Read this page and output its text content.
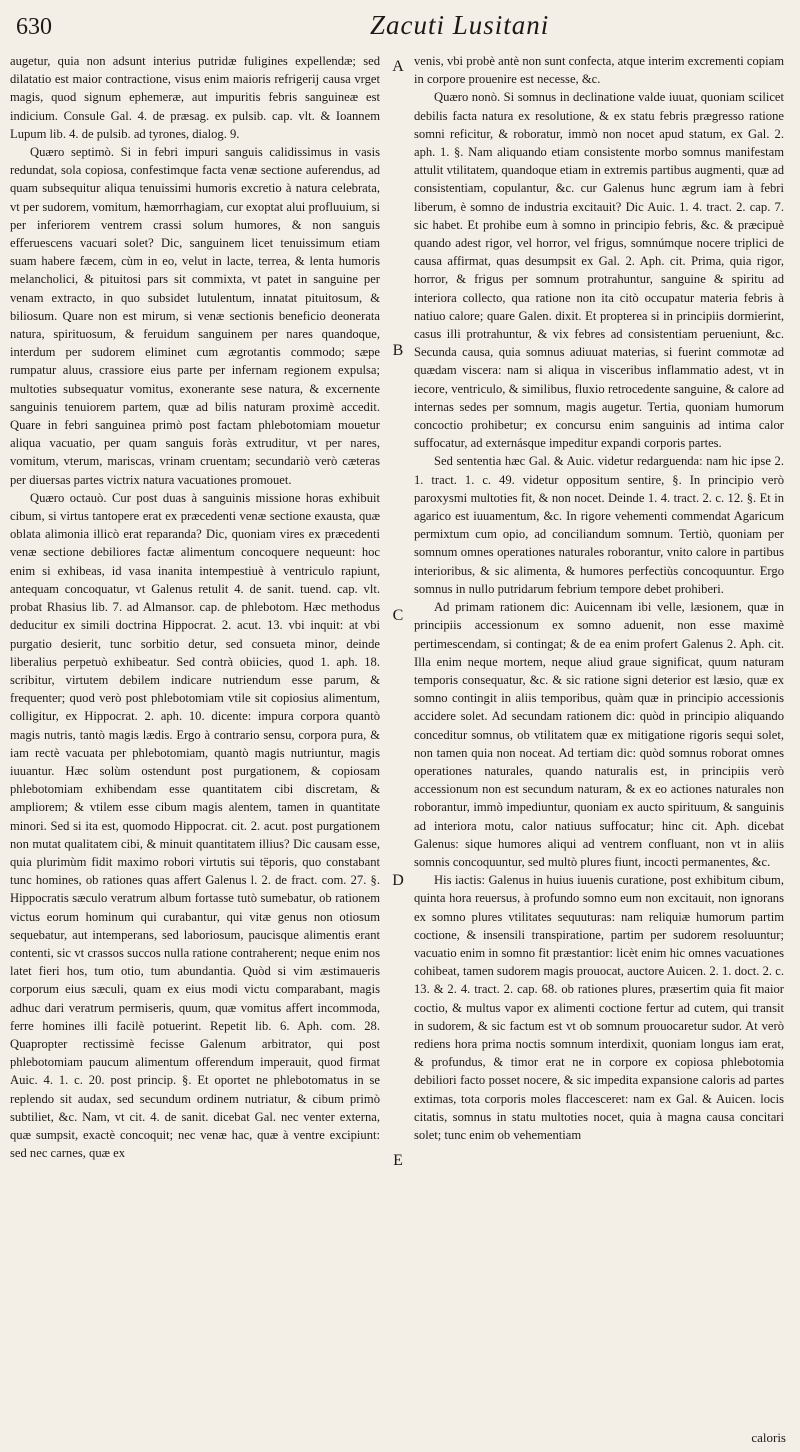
630	Zacuti Lusitani

augetur, quia non adsunt interius putridæ fuligines expellendæ; sed dilatatio est maior contractione, visus enim maioris refrigerij causa vrget magis, quod signum ephemeræ, aut impuritis febris sanguineæ est indicium. Consule Gal. 4. de præsag. ex pulsib. cap. vlt. & Ioannem Lupum lib. 4. de pulsib. ad tyrones, dialog. 9.

Quæro septimò. Si in febri impuri sanguis calidissimus in vasis redundat, sola copiosa, confestimque facta venæ sectione auferendus, ad quam subsequitur aliqua tenuissimi humoris excretio à natura celebrata, vt per sudorem, vomitum, hæmorrhagiam, cur exoptat alui profluuium, si per inferiorem ventrem crassi solum humores, & non sanguis efferuescens vacuari solet? Dic, sanguinem licet tenuissimum etiam suam habere fæcem, cùm in eo, velut in lacte, terrea, & lenta humoris melancholici, & pituitosi pars sit commixta, vt patet in sanguine per venam extracto, in quo subsidet lutulentum, innatat pituitosum, & biliosum. Quare non est mirum, si venæ sectionis beneficio deonerata natura, spirituosum, & feruidum sanguinem per nares quandoque, interdum per sudorem eliminet cum ægrotantis commodo; sæpe rumpatur aluus, crassiore eius parte per infernam regionem expulsa; multoties subsequatur vomitus, exonerante sese natura, & excernente sanguinis tenuiorem partem, quæ ad bilis naturam proximè accedit. Quare in febri sanguinea primò post factam phlebotomiam mouetur aliqua vacuatio, per quam sanguis foràs extruditur, vt per nares, vomitum, vterum, mariscas, vrinam cruentam; secundariò verò cæteras per diuersas partes victrix natura vacuationes promouet.

Quæro octauò. Cur post duas à sanguinis missione horas exhibuit cibum, si virtus tantopere erat ex præcedenti venæ sectione exausta, quæ oblata alimonia illicò erat reparanda? Dic, quoniam vires ex præcedenti venæ sectione debiliores factæ alimentum concoquere nequeunt: hoc enim si exhibeas, id vasa inanita intempestiuè à ventriculo rapiunt, antequam concoquatur, vt Galenus retulit 4. de sanit. tuend. cap. vlt. probat Rhasius lib. 7. ad Almansor. cap. de phlebotom. Hæc methodus deducitur ex simili doctrina Hippocrat. 2. acut. 13. vbi inquit: at vbi purgatio desierit, tunc sorbitio detur, sed consueta minor, deinde liberalius perpetuò exhibeatur. Sed contrà obiicies, quod 1. aph. 18. scribitur, virtutem debilem indicare nutriendum esse parum, & frequenter; quod verò post phlebotomiam vtile sit copiosius alimentum, colligitur, ex Hippocrat. 2. aph. 10. dicente: impura corpora quantò magis nutris, tantò magis lædis. Ergo à contrario sensu, corpora pura, & iam rectè vacuata per phlebotomiam, quantò magis nutriuntur, magis iuuantur. Hæc solùm ostendunt post purgationem, & copiosam phlebotomiam exhibendam esse quantitatem cibi discretam, & ampliorem; & vtilem esse cibum magis alentem, tamen in quantitate minori. Sed si ita est, quomodo Hippocrat. cit. 2. acut. post purgationem non mutat qualitatem cibi, & minuit quantitatem illius? Dic causam esse, quia plurimùm fidit maximo robori virtutis sui tëporis, quo constabant tunc homines, ob rationes quas affert Galenus l. 2. de fract. com. 27. §. Hippocratis sæculo veratrum album fortasse tutò sumebatur, ob rationem victus eorum hominum qui curabantur, qui vitæ genus non otiosum sequebatur, aut intemperans, sed laboriosum, paucisque alimentis erant contenti, sic vt crassos succos nulla ratione contraherent; neque enim nos latet fieri hos, tum otio, tum abundantia. Quòd si vim æstimaueris corporum eius sæculi, quam ex eius modi victu comparabant, magis adhuc dari veratrum permiseris, quum, quæ vomitus affert incommoda, ferre homines illi facilè potuerint. Repetit lib. 6. Aph. com. 28. Quapropter rectissimè fecisse Galenum arbitrator, qui post phlebotomiam paucum alimentum offerendum imperauit, quod firmat Auic. 4. 1. c. 20. post princip. §. Et oportet ne phlebotomatus in se replendo sit audax, sed secundum ordinem nutriatur, & cibum primò subtiliet, &c. Nam, vt cit. 4. de sanit. dicebat Gal. nec venter externa, quæ sumpsit, exactè concoquit; nec venæ hac, quæ à ventre excipiunt: sed nec carnes, quæ ex

A
B
C
D
E

venis, vbi probè antè non sunt confecta, atque interim excrementi copiam in corpore prouenire est necesse, &c.

Quæro nonò. Si somnus in declinatione valde iuuat, quoniam scilicet debilis facta natura ex resolutione, & ex statu febris prægresso ratione somni reficitur, & roboratur, immò non nocet apud statum, ex Gal. 2. aph. 1. §. Nam aliquando etiam consistente morbo somnus manifestam attulit vtilitatem, quandoque etiam in extremis partibus augmenti, quæ ad consistentiam, copulantur, &c. cur Galenus hunc ægrum iam à febri liberum, è somno de industria excitauit? Dic Auic. 1. 4. tract. 2. cap. 7. sic habet. Et prohibe eum à somno in principio febris, &c. & præcipuè quando adest rigor, vel horror, vel frigus, somnúmque nocere triplici de causa affirmat, quas desumpsit ex Gal. 2. Aph. cit. Prima, quia rigor, horror, & frigus per somnum protrahuntur, sanguine & spiritu ad interiora collecto, qua ratione non ita citò occupatur materia febris à natiuo calore; quare Galen. dixit. Et propterea si in principiis dormierint, casus illi protrahuntur, & vix febres ad consistentiam perueniunt, &c. Secunda causa, quia somnus adiuuat materias, si fuerint commotæ ad quædam viscera: nam si aliqua in visceribus inflammatio adest, vt in iecore, ventriculo, & similibus, fluxio retrocedente sanguine, & calore ad internas sedes per somnum, magis augetur. Tertia, quoniam humorum concoctio prohibetur; ex concursu enim sanguinis ad intima calor suffocatur, ad externásque impeditur expandi corporis partes.

Sed sententia hæc Gal. & Auic. videtur redarguenda: nam hic ipse 2. 1. tract. 1. c. 49. videtur oppositum sentire, §. In principio verò paroxysmi multoties fit, & non nocet. Deinde 1. 4. tract. 2. c. 12. §. Et in agarico est iuuamentum, &c. In rigore vehementi commendat Agaricum permixtum cum opio, ad conciliandum somnum. Tertiò, quoniam per somnum omnes operationes naturales roborantur, vnito calore in partibus interioribus, & sic alimenta, & humores perfectiùs concoquuntur. Ergo somnus in nullo putridarum febrium tempore debet prohiberi.

Ad primam rationem dic: Auicennam ibi velle, læsionem, quæ in principiis accessionum ex somno aduenit, non esse maximè pertimescendam, si contingat; & de ea enim profert Galenus 2. Aph. cit. Illa enim neque mortem, neque aliud graue significat, quum naturam temporis consequatur, &c. & sic ratione signi deterior est læsio, quæ ex somno contingit in aliis temporibus, quàm quæ in principio accessionis accidere solet. Ad secundam rationem dic: quòd in principio aliquando conceditur somnus, ob vtilitatem quæ ex mitigatione rigoris sequi solet, non tamen quia non noceat. Ad tertiam dic: quòd somnus roborat omnes operationes naturales, quando naturalis est, in principiis verò accessionum non est secundum naturam, & ex eo actiones naturales non roborantur, immò impediuntur, quoniam ex aucto spirituum, & sanguinis ad interiora motu, calor natiuus suffocatur; hinc cit. Aph. dicebat Galenus: sique humores aliqui ad ventrem confluant, non vt in aliis somnis concoquuntur, sed multò plures fiunt, incocti permanentes, &c.

His iactis: Galenus in huius iuuenis curatione, post exhibitum cibum, quinta hora reuersus, à profundo somno eum non excitauit, non ignorans ex somno plures vtilitates sequuturas: nam reliquiæ humorum partim coctione, & insensili transpiratione, partim per sudorem resoluuntur; vacuatio enim in somno fit præstantior: licèt enim hic omnes vacuationes cohibeat, tamen sudorem magis prouocat, auctore Auicen. 2. 1. doct. 2. c. 13. & 2. 4. tract. 2. cap. 68. ob rationes plures, præsertim quia fit maior coctio, & multus vapor ex alimenti coctione fertur ad cutem, qui transit in sudorem, & sic factum est vt ob somnum prouocaretur sudor. At verò rediens hora prima noctis somnum interdixit, quoniam longus iam erat, & profundus, & timor erat ne in corpore ex copiosa phlebotomia debiliori facto posset nocere, & sic impedita expansione caloris ad partes extimas, tota corporis moles flaccesceret: nam ex Gal. & Auicen. locis citatis, somnus in statu multoties nocet, quia à magna causa concitari solet; tunc enim ob vehementiam

caloris
